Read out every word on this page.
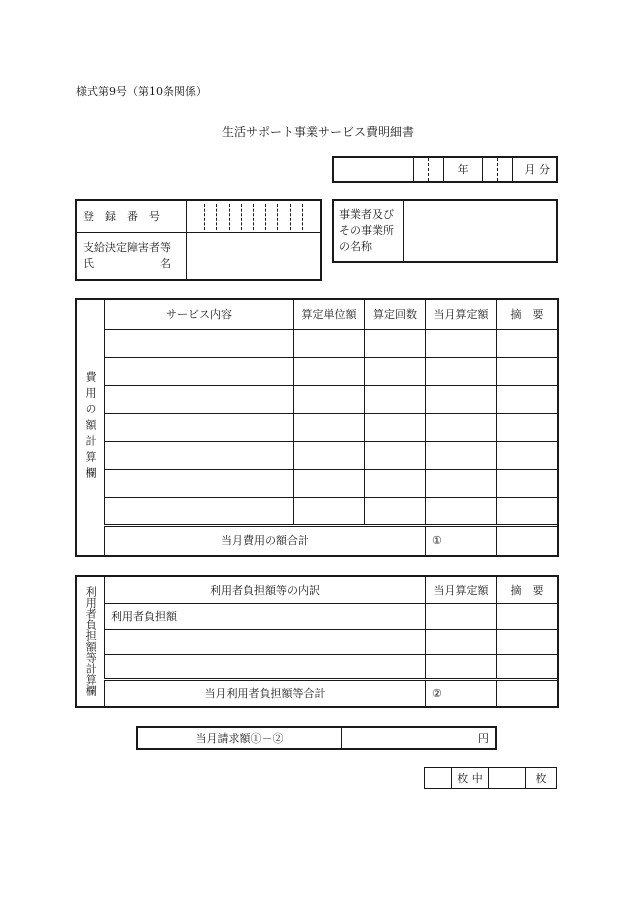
様式第9号（第10条関係）
生活サポート事業サービス費明細書
			年			月 分
登　録　番　号	

支給決定障害者等
氏　　　　　　名	

事業者及び
その事業所
の名称

費用の額計算欄	サービス内容	算定単位額	算定回数	当月算定額	摘　要

	当月費用の額合計			①	
利用者負担額等計算欄	利用者負担額等の内訳	当月算定額	摘　要
	利用者負担額		

	当月利用者負担額等合計	②	
当月請求額①－②	円
	枚 中		枚
